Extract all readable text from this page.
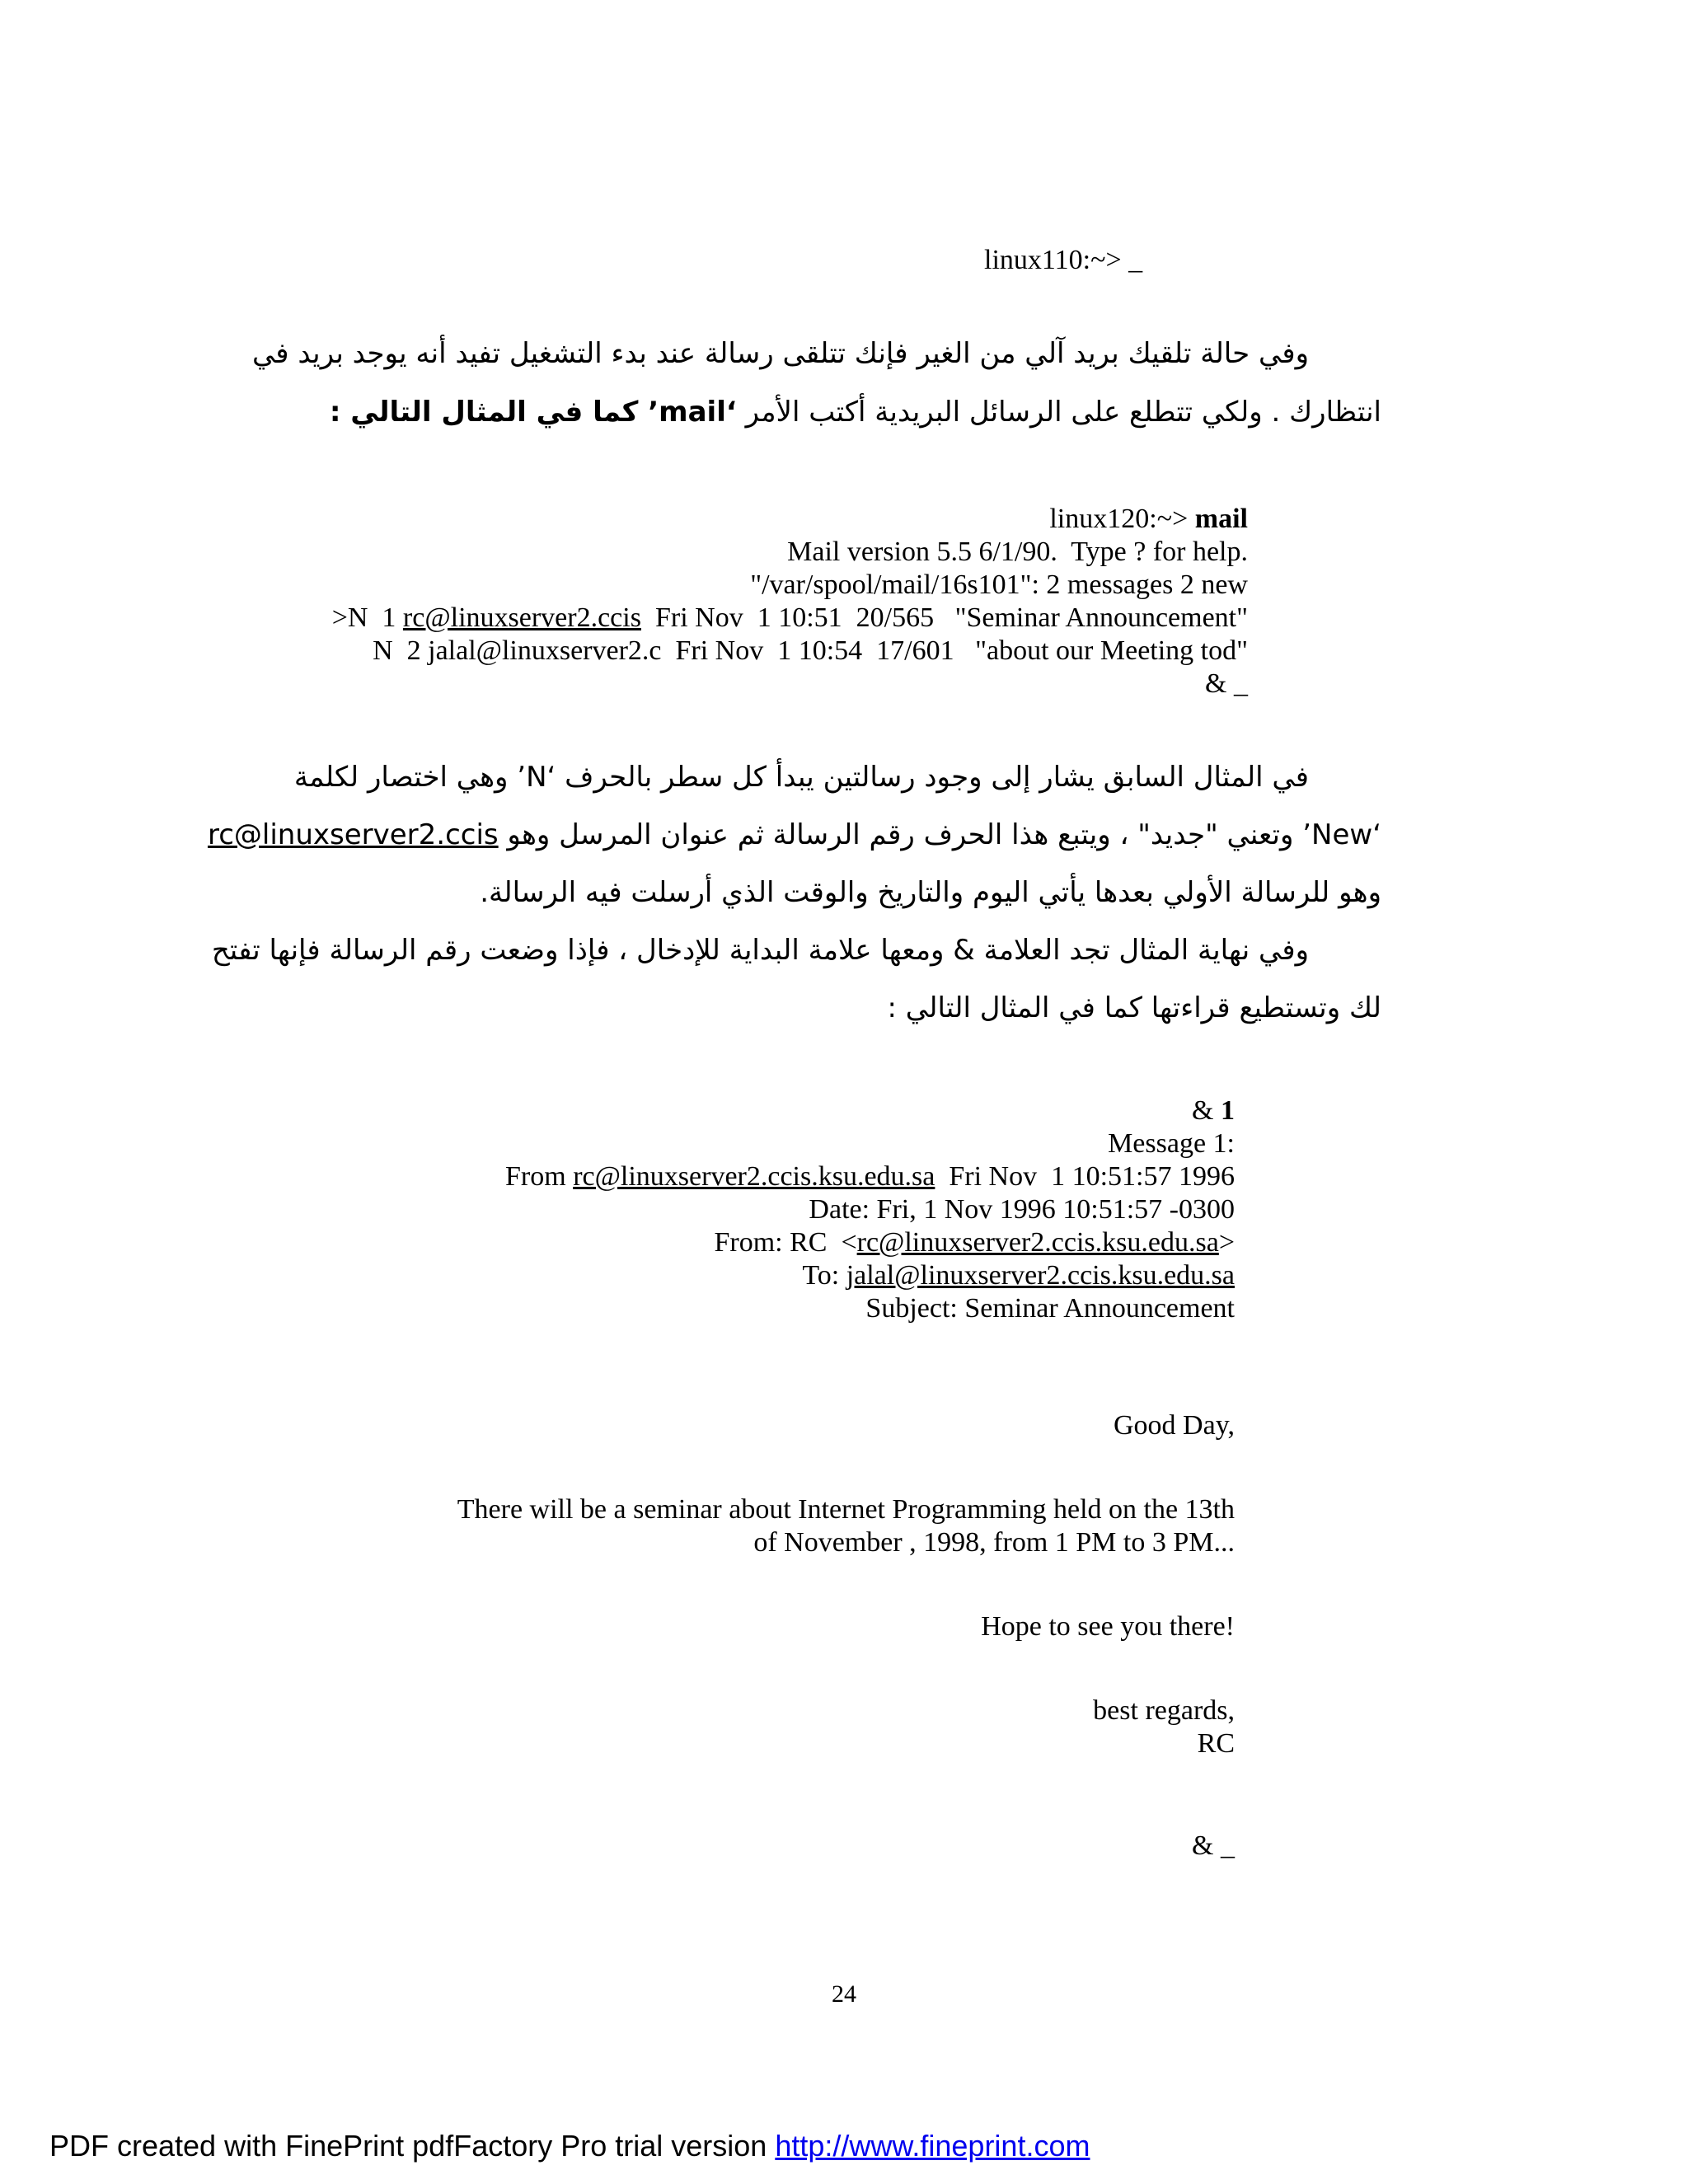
linux110:~> _
وفي حالة تلقيك بريد آلي من الغير فإنك تتلقى رسالة عند بدء التشغيل تفيد أنه يوجد بريد في
انتظارك . ولكي تتطلع على الرسائل البريدية أكتب الأمر ‘mail’ كما في المثال التالي :
linux120:~> mail
Mail version 5.5 6/1/90.  Type ? for help.
"/var/spool/mail/16s101": 2 messages 2 new
>N  1 rc@linuxserver2.ccis  Fri Nov  1 10:51  20/565   "Seminar Announcement"
N  2 jalal@linuxserver2.c  Fri Nov  1 10:54  17/601   "about our Meeting tod"
& _
في المثال السابق يشار إلى وجود رسالتين يبدأ كل سطر بالحرف ‘N’ وهي اختصار لكلمة
‘New’ وتعني "جديد" ، ويتبع هذا الحرف رقم الرسالة ثم عنوان المرسل وهو rc@linuxserver2.ccis
وهو للرسالة الأولي بعدها يأتي اليوم والتاريخ والوقت الذي أرسلت فيه الرسالة.
وفي نهاية المثال تجد العلامة & ومعها علامة البداية للإدخال ، فإذا وضعت رقم الرسالة فإنها تفتح
لك وتستطيع قراءتها كما في المثال التالي :
& 1
Message 1:
From rc@linuxserver2.ccis.ksu.edu.sa  Fri Nov  1 10:51:57 1996
Date: Fri, 1 Nov 1996 10:51:57 -0300
From: RC  <rc@linuxserver2.ccis.ksu.edu.sa>
To: jalal@linuxserver2.ccis.ksu.edu.sa
Subject: Seminar Announcement
Good Day,
There will be a seminar about Internet Programming held on the 13th
of November , 1998, from 1 PM to 3 PM...
Hope to see you there!
best regards,
RC
& _
24
PDF created with FinePrint pdfFactory Pro trial version http://www.fineprint.com
